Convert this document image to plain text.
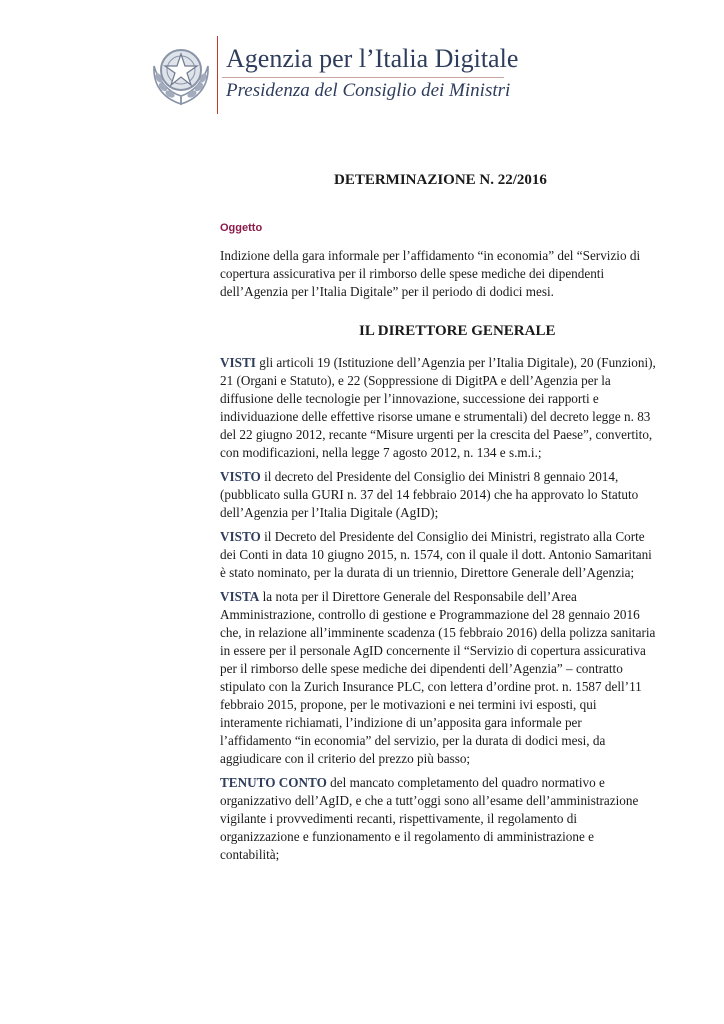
Agenzia per l’Italia Digitale
Presidenza del Consiglio dei Ministri
DETERMINAZIONE N. 22/2016
Oggetto

Indizione della gara informale per l’affidamento “in economia” del “Servizio di copertura assicurativa per il rimborso delle spese mediche dei dipendenti dell’Agenzia per l’Italia Digitale” per il periodo di dodici mesi.

IL DIRETTORE GENERALE

VISTI gli articoli 19 (Istituzione dell’Agenzia per l’Italia Digitale), 20 (Funzioni), 21 (Organi e Statuto), e 22 (Soppressione di DigitPA e dell’Agenzia per la diffusione delle tecnologie per l’innovazione, successione dei rapporti e individuazione delle effettive risorse umane e strumentali) del decreto legge n. 83 del 22 giugno 2012, recante “Misure urgenti per la crescita del Paese”, convertito, con modificazioni, nella legge 7 agosto 2012, n. 134 e s.m.i.;

VISTO il decreto del Presidente del Consiglio dei Ministri 8 gennaio 2014, (pubblicato sulla GURI n. 37 del 14 febbraio 2014) che ha approvato lo Statuto dell’Agenzia per l’Italia Digitale (AgID);

VISTO il Decreto del Presidente del Consiglio dei Ministri, registrato alla Corte dei Conti in data 10 giugno 2015, n. 1574, con il quale il dott. Antonio Samaritani è stato nominato, per la durata di un triennio, Direttore Generale dell’Agenzia;

VISTA la nota per il Direttore Generale del Responsabile dell’Area Amministrazione, controllo di gestione e Programmazione del 28 gennaio 2016 che, in relazione all’imminente scadenza (15 febbraio 2016) della polizza sanitaria in essere per il personale AgID concernente il “Servizio di copertura assicurativa per il rimborso delle spese mediche dei dipendenti dell’Agenzia” – contratto stipulato con la Zurich Insurance PLC, con lettera d’ordine prot. n. 1587 dell’11 febbraio 2015, propone, per le motivazioni e nei termini ivi esposti, qui interamente richiamati, l’indizione di un’apposita gara informale per l’affidamento “in economia” del servizio, per la durata di dodici mesi, da aggiudicare con il criterio del prezzo più basso;

TENUTO CONTO del mancato completamento del quadro normativo e organizzativo dell’AgID, e che a tutt’oggi sono all’esame dell’amministrazione vigilante i provvedimenti recanti, rispettivamente, il regolamento di organizzazione e funzionamento e il regolamento di amministrazione e contabilità;
